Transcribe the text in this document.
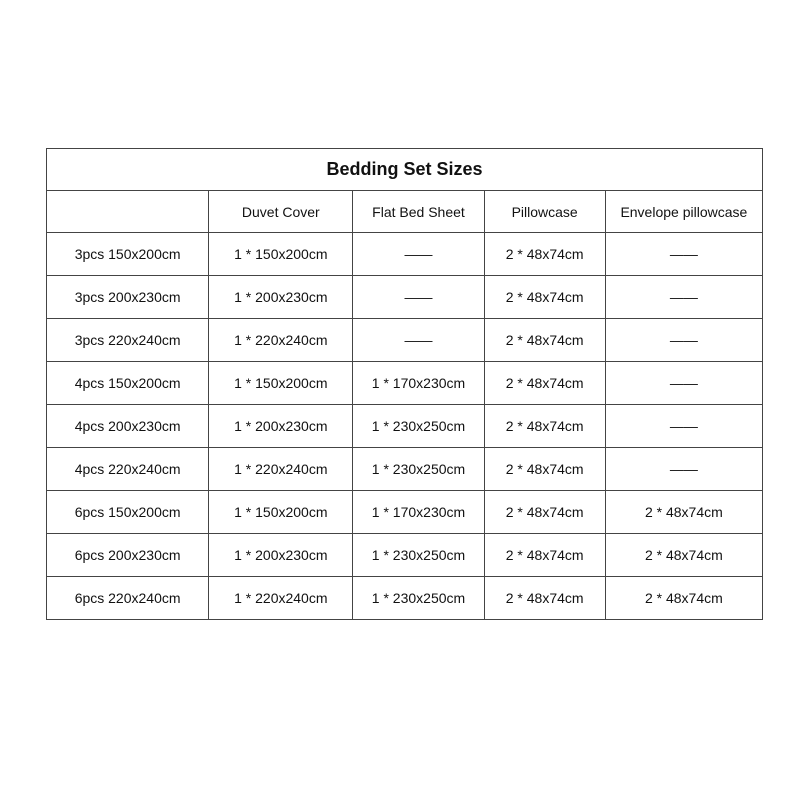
Bedding Set Sizes				
	Duvet Cover	Flat Bed Sheet	Pillowcase	Envelope pillowcase
3pcs 150x200cm	1 * 150x200cm	——	2 * 48x74cm	——
3pcs 200x230cm	1 * 200x230cm	——	2 * 48x74cm	——
3pcs 220x240cm	1 * 220x240cm	——	2 * 48x74cm	——
4pcs 150x200cm	1 * 150x200cm	1 * 170x230cm	2 * 48x74cm	——
4pcs 200x230cm	1 * 200x230cm	1 * 230x250cm	2 * 48x74cm	——
4pcs 220x240cm	1 * 220x240cm	1 * 230x250cm	2 * 48x74cm	——
6pcs 150x200cm	1 * 150x200cm	1 * 170x230cm	2 * 48x74cm	2 * 48x74cm
6pcs 200x230cm	1 * 200x230cm	1 * 230x250cm	2 * 48x74cm	2 * 48x74cm
6pcs 220x240cm	1 * 220x240cm	1 * 230x250cm	2 * 48x74cm	2 * 48x74cm
